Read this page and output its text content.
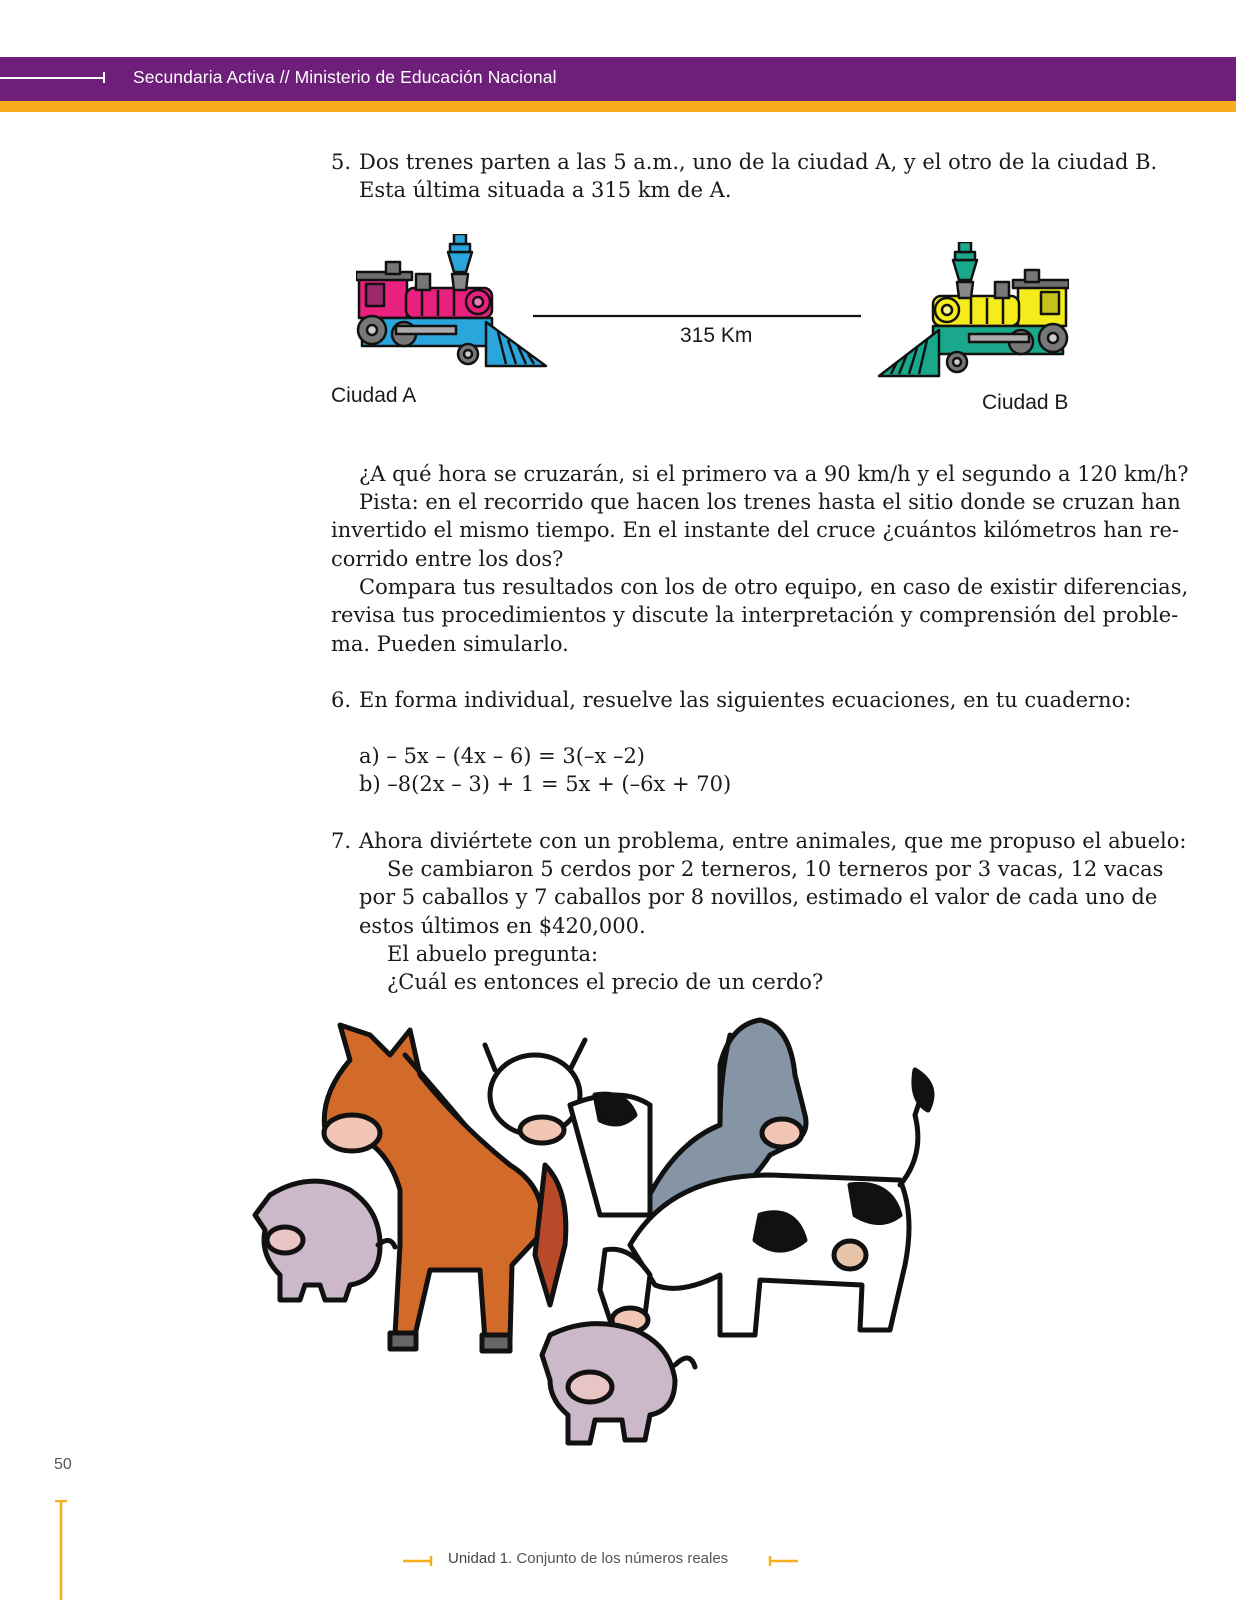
Secundaria Activa // Ministerio de Educación Nacional
5. Dos trenes parten a las 5 a.m., uno de la ciudad A, y el otro de la ciudad B.
Esta última situada a 315 km de A.
315 Km
Ciudad A	Ciudad B
¿A qué hora se cruzarán, si el primero va a 90 km/h y el segundo a 120 km/h?
Pista: en el recorrido que hacen los trenes hasta el sitio donde se cruzan han
invertido el mismo tiempo. En el instante del cruce ¿cuántos kilómetros han re-
corrido entre los dos?
Compara tus resultados con los de otro equipo, en caso de existir diferencias,
revisa tus procedimientos y discute la interpretación y comprensión del proble-
ma. Pueden simularlo.
6. En forma individual, resuelve las siguientes ecuaciones, en tu cuaderno:
a) – 5x – (4x – 6) = 3(–x –2)
b) –8(2x – 3) + 1 = 5x + (–6x + 70)
7. Ahora diviértete con un problema, entre animales, que me propuso el abuelo:
Se cambiaron 5 cerdos por 2 terneros, 10 terneros por 3 vacas, 12 vacas
por 5 caballos y 7 caballos por 8 novillos, estimado el valor de cada uno de
estos últimos en $420,000.
El abuelo pregunta:
¿Cuál es entonces el precio de un cerdo?
50
Unidad 1. Conjunto de los números reales
